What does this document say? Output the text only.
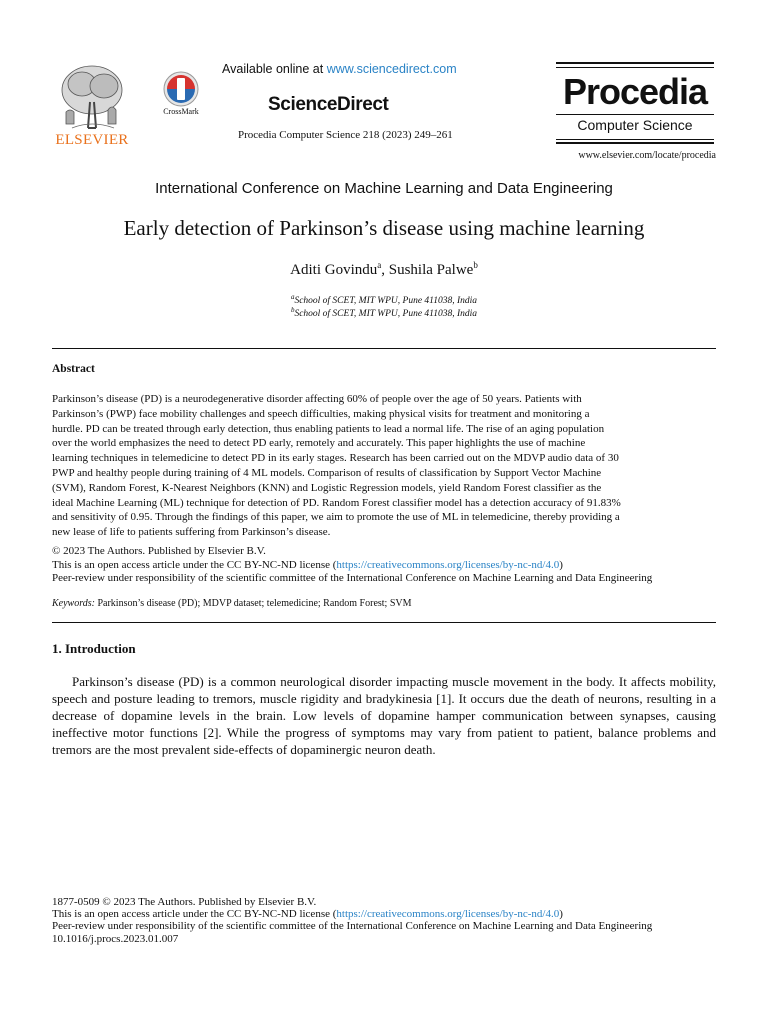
ELSEVIER
CrossMark
Available online at www.sciencedirect.com
ScienceDirect
Procedia Computer Science 218 (2023) 249–261
Procedia
Computer Science
www.elsevier.com/locate/procedia
International Conference on Machine Learning and Data Engineering
Early detection of Parkinson’s disease using machine learning
Aditi Govindu$^a$, Sushila Palwe$^b$
$^a$School of SCET, MIT WPU, Pune 411038, India
$^b$School of SCET, MIT WPU, Pune 411038, India
Abstract
Parkinson’s disease (PD) is a neurodegenerative disorder affecting 60% of people over the age of 50 years. Patients with
Parkinson’s (PWP) face mobility challenges and speech difficulties, making physical visits for treatment and monitoring a
hurdle. PD can be treated through early detection, thus enabling patients to lead a normal life. The rise of an aging population
over the world emphasizes the need to detect PD early, remotely and accurately. This paper highlights the use of machine
learning techniques in telemedicine to detect PD in its early stages. Research has been carried out on the MDVP audio data of 30
PWP and healthy people during training of 4 ML models. Comparison of results of classification by Support Vector Machine
(SVM), Random Forest, K-Nearest Neighbors (KNN) and Logistic Regression models, yield Random Forest classifier as the
ideal Machine Learning (ML) technique for detection of PD. Random Forest classifier model has a detection accuracy of 91.83%
and sensitivity of 0.95. Through the findings of this paper, we aim to promote the use of ML in telemedicine, thereby providing a
new lease of life to patients suffering from Parkinson’s disease.
© 2023 The Authors. Published by Elsevier B.V.
This is an open access article under the CC BY-NC-ND license (https://creativecommons.org/licenses/by-nc-nd/4.0)
Peer-review under responsibility of the scientific committee of the International Conference on Machine Learning and Data Engineering
Keywords: Parkinson’s disease (PD); MDVP dataset; telemedicine; Random Forest; SVM
1. Introduction
Parkinson’s disease (PD) is a common neurological disorder impacting muscle movement in the body. It affects mobility, speech and posture leading to tremors, muscle rigidity and bradykinesia [1]. It occurs due the death of neurons, resulting in a decrease of dopamine levels in the brain. Low levels of dopamine hamper communication between synapses, causing ineffective motor functions [2]. While the progress of symptoms may vary from patient to patient, balance problems and tremors are the most prevalent side-effects of dopaminergic neuron death.
1877-0509 © 2023 The Authors. Published by Elsevier B.V.
This is an open access article under the CC BY-NC-ND license (https://creativecommons.org/licenses/by-nc-nd/4.0)
Peer-review under responsibility of the scientific committee of the International Conference on Machine Learning and Data Engineering
10.1016/j.procs.2023.01.007
